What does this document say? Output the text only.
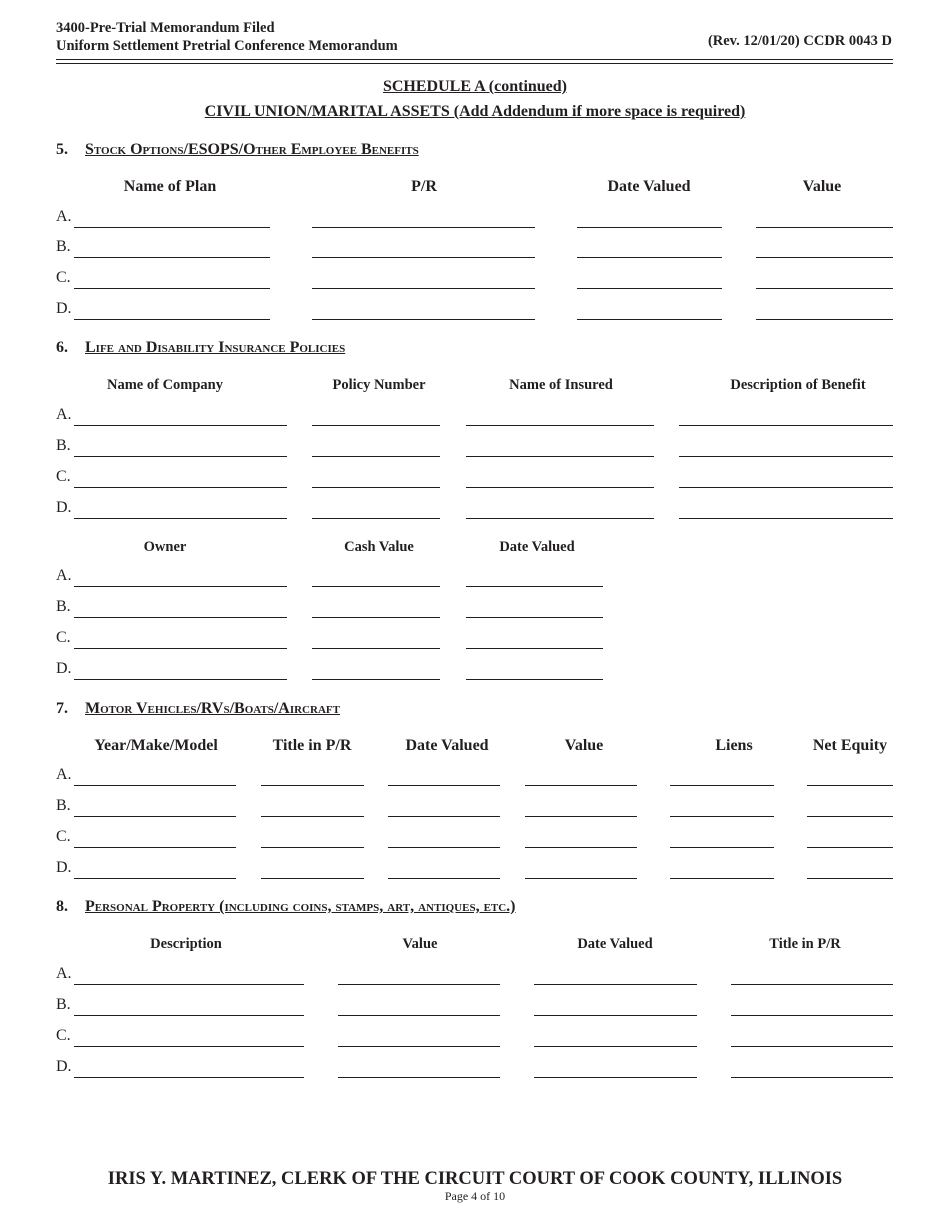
3400-Pre-Trial Memorandum Filed
Uniform Settlement Pretrial Conference Memorandum	(Rev. 12/01/20) CCDR 0043 D
SCHEDULE A (continued)
CIVIL UNION/MARITAL ASSETS (Add Addendum if more space is required)
5. Stock Options/ESOPS/Other Employee Benefits
Name of Plan	P/R	Date Valued	Value
A.
B.
C.
D.
6. Life and Disability Insurance Policies
Name of Company	Policy Number	Name of Insured	Description of Benefit
A.
B.
C.
D.
Owner	Cash Value	Date Valued
A.
B.
C.
D.
7. Motor Vehicles/RVs/Boats/Aircraft
Year/Make/Model	Title in P/R	Date Valued	Value	Liens	Net Equity
A.
B.
C.
D.
8. Personal Property (including coins, stamps, art, antiques, etc.)
Description	Value	Date Valued	Title in P/R
A.
B.
C.
D.
IRIS Y. MARTINEZ, CLERK OF THE CIRCUIT COURT OF COOK COUNTY, ILLINOIS
Page 4 of 10
